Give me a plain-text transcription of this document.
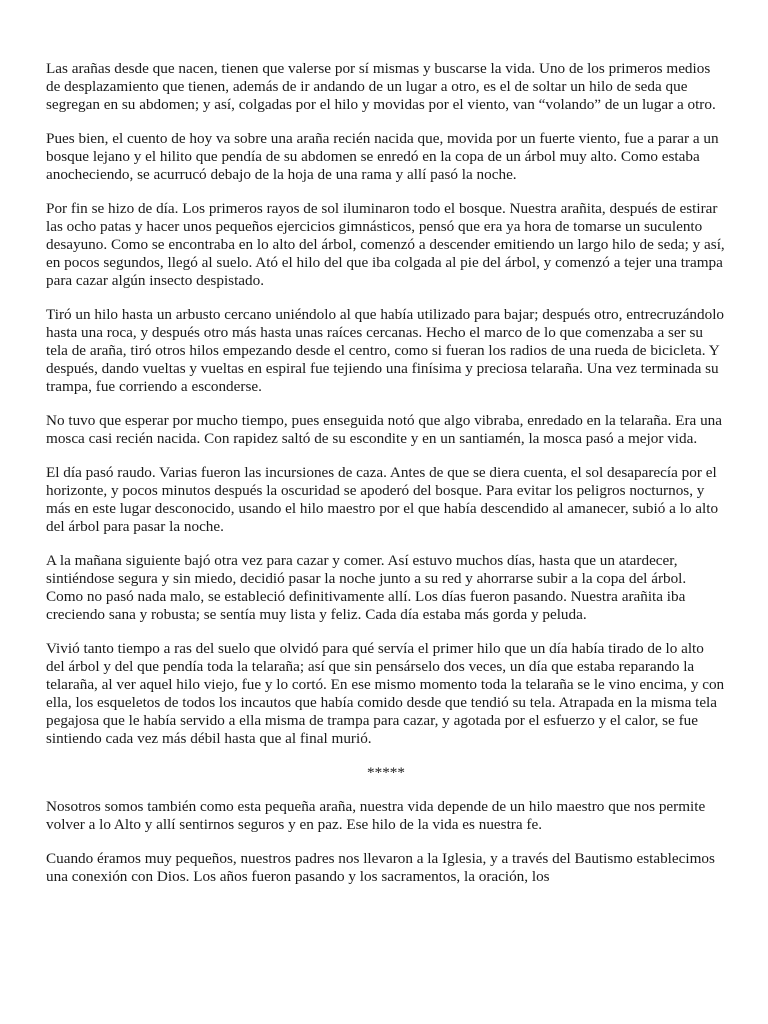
Las arañas desde que nacen, tienen que valerse por sí mismas y buscarse la vida. Uno de los primeros medios de desplazamiento que tienen, además de ir andando de un lugar a otro, es el de soltar un hilo de seda que segregan en su abdomen; y así, colgadas por el hilo y movidas por el viento, van “volando” de un lugar a otro.

Pues bien, el cuento de hoy va sobre una araña recién nacida que, movida por un fuerte viento, fue a parar a un bosque lejano y el hilito que pendía de su abdomen se enredó en la copa de un árbol muy alto. Como estaba anocheciendo, se acurrucó debajo de la hoja de una rama y allí pasó la noche.

Por fin se hizo de día. Los primeros rayos de sol iluminaron todo el bosque. Nuestra arañita, después de estirar las ocho patas y hacer unos pequeños ejercicios gimnásticos, pensó que era ya hora de tomarse un suculento desayuno. Como se encontraba en lo alto del árbol, comenzó a descender emitiendo un largo hilo de seda; y así, en pocos segundos, llegó al suelo. Ató el hilo del que iba colgada al pie del árbol, y comenzó a tejer una trampa para cazar algún insecto despistado.

Tiró un hilo hasta un arbusto cercano uniéndolo al que había utilizado para bajar; después otro, entrecruzándolo hasta una roca, y después otro más hasta unas raíces cercanas. Hecho el marco de lo que comenzaba a ser su tela de araña, tiró otros hilos empezando desde el centro, como si fueran los radios de una rueda de bicicleta. Y después, dando vueltas y vueltas en espiral fue tejiendo una finísima y preciosa telaraña. Una vez terminada su trampa, fue corriendo a esconderse.

No tuvo que esperar por mucho tiempo, pues enseguida notó que algo vibraba, enredado en la telaraña. Era una mosca casi recién nacida. Con rapidez saltó de su escondite y en un santiamén, la mosca pasó a mejor vida.

El día pasó raudo. Varias fueron las incursiones de caza. Antes de que se diera cuenta, el sol desaparecía por el horizonte, y pocos minutos después la oscuridad se apoderó del bosque. Para evitar los peligros nocturnos, y más en este lugar desconocido, usando el hilo maestro por el que había descendido al amanecer, subió a lo alto del árbol para pasar la noche.

A la mañana siguiente bajó otra vez para cazar y comer. Así estuvo muchos días, hasta que un atardecer, sintiéndose segura y sin miedo, decidió pasar la noche junto a su red y ahorrarse subir a la copa del árbol. Como no pasó nada malo, se estableció definitivamente allí. Los días fueron pasando. Nuestra arañita iba creciendo sana y robusta; se sentía muy lista y feliz. Cada día estaba más gorda y peluda.

Vivió tanto tiempo a ras del suelo que olvidó para qué servía el primer hilo que un día había tirado de lo alto del árbol y del que pendía toda la telaraña; así que sin pensárselo dos veces, un día que estaba reparando la telaraña, al ver aquel hilo viejo, fue y lo cortó. En ese mismo momento toda la telaraña se le vino encima, y con ella, los esqueletos de todos los incautos que había comido desde que tendió su tela. Atrapada en la misma tela pegajosa que le había servido a ella misma de trampa para cazar, y agotada por el esfuerzo y el calor, se fue sintiendo cada vez más débil hasta que al final murió.

*****

Nosotros somos también como esta pequeña araña, nuestra vida depende de un hilo maestro que nos permite volver a lo Alto y allí sentirnos seguros y en paz. Ese hilo de la vida es nuestra fe.

Cuando éramos muy pequeños, nuestros padres nos llevaron a la Iglesia, y a través del Bautismo establecimos una conexión con Dios. Los años fueron pasando y los sacramentos, la oración, los
